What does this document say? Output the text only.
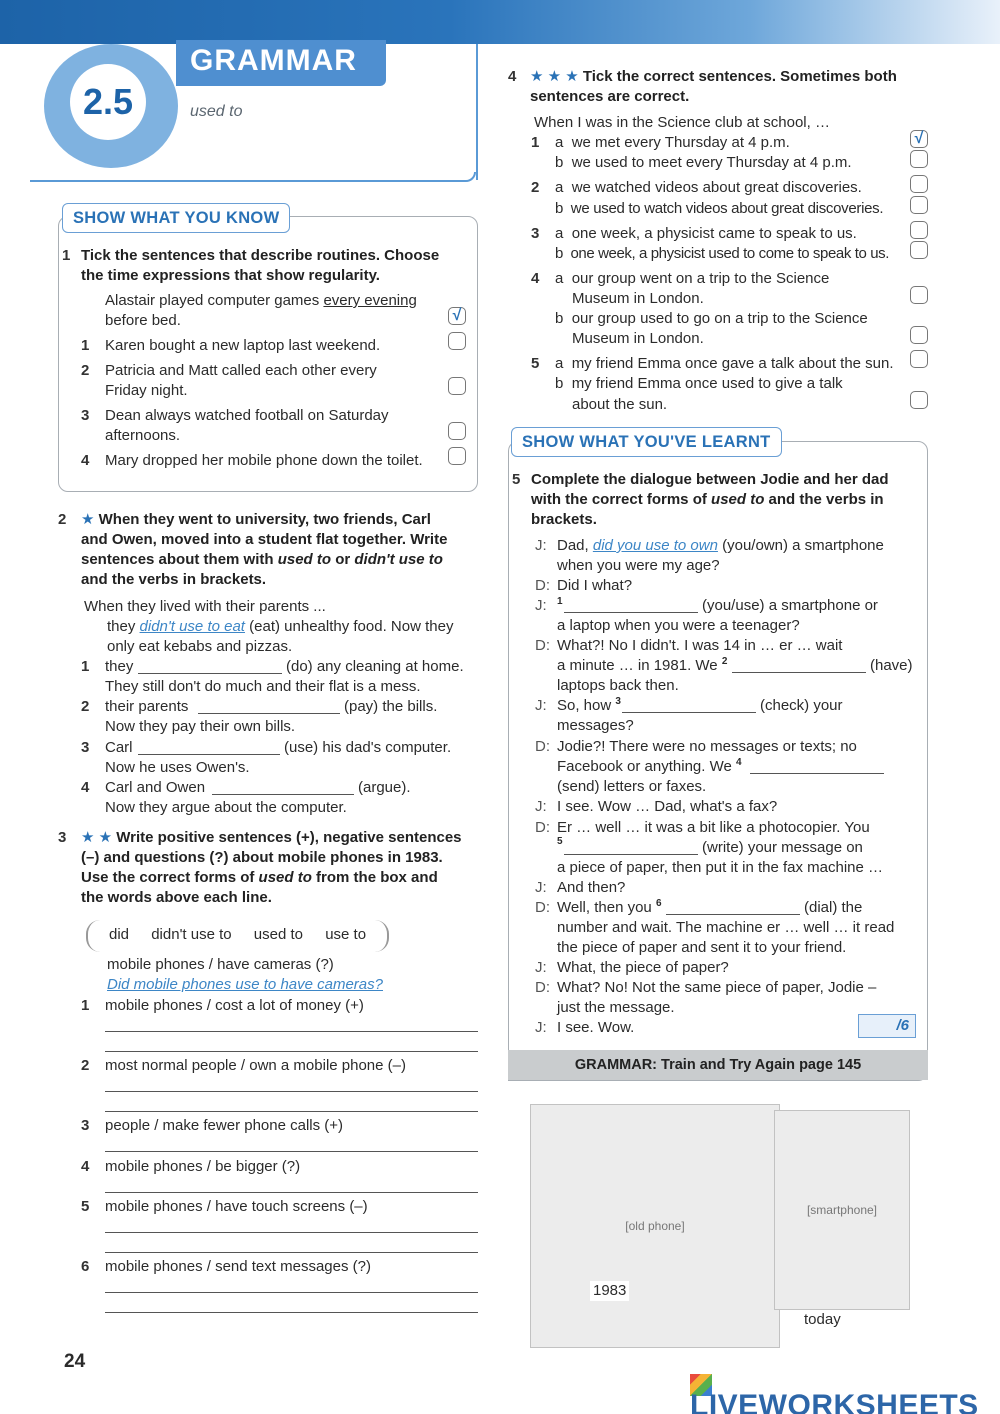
2.5
GRAMMAR
used to
SHOW WHAT YOU KNOW
1 Tick the sentences that describe routines. Choose
the time expressions that show regularity.
Alastair played computer games every evening
before bed.	√
1 Karen bought a new laptop last weekend.
2 Patricia and Matt called each other every
Friday night.
3 Dean always watched football on Saturday
afternoons.
4 Mary dropped her mobile phone down the toilet.
2 ★ When they went to university, two friends, Carl
and Owen, moved into a student flat together. Write
sentences about them with used to or didn't use to
and the verbs in brackets.
When they lived with their parents ...
they didn't use to eat (eat) unhealthy food. Now they
only eat kebabs and pizzas.
1 they	(do) any cleaning at home.
They still don't do much and their flat is a mess.
2 their parents	(pay) the bills.
Now they pay their own bills.
3 Carl	(use) his dad's computer.
Now he uses Owen's.
4 Carl and Owen	(argue).
Now they argue about the computer.
3 ★ ★ Write positive sentences (+), negative sentences
(–) and questions (?) about mobile phones in 1983.
Use the correct forms of used to from the box and
the words above each line.
did didn't use to used to use to
mobile phones / have cameras (?)
Did mobile phones use to have cameras?
1 mobile phones / cost a lot of money (+)
2 most normal people / own a mobile phone (–)
3 people / make fewer phone calls (+)
4 mobile phones / be bigger (?)
5 mobile phones / have touch screens (–)
6 mobile phones / send text messages (?)
4 ★ ★ ★ Tick the correct sentences. Sometimes both
sentences are correct.
When I was in the Science club at school, …
1 a  we met every Thursday at 4 p.m.	√
b  we used to meet every Thursday at 4 p.m.
2 a  we watched videos about great discoveries.
b  we used to watch videos about great discoveries.
3 a  one week, a physicist came to speak to us.
b  one week, a physicist used to come to speak to us.
4 a  our group went on a trip to the Science
Museum in London.
b  our group used to go on a trip to the Science
Museum in London.
5 a  my friend Emma once gave a talk about the sun.
b  my friend Emma once used to give a talk
about the sun.
SHOW WHAT YOU'VE LEARNT
5 Complete the dialogue between Jodie and her dad
with the correct forms of used to and the verbs in
brackets.
J: Dad, did you use to own (you/own) a smartphone
when you were my age?
D: Did I what?
J: $^1$	(you/use) a smartphone or
a laptop when you were a teenager?
D: What?! No I didn't. I was 14 in … er … wait
a minute … in 1981. We $^2$	(have)
laptops back then.
J: So, how $^3$	(check) your
messages?
D: Jodie?! There were no messages or texts; no
Facebook or anything. We $^4$
(send) letters or faxes.
J: I see. Wow … Dad, what's a fax?
D: Er … well … it was a bit like a photocopier. You
$^5$	(write) your message on
a piece of paper, then put it in the fax machine …
J: And then?
D: Well, then you $^6$	(dial) the
number and wait. The machine er … well … it read
the piece of paper and sent it to your friend.
J: What, the piece of paper?
D: What? No! Not the same piece of paper, Jodie –
just the message.
J: I see. Wow.	/6
GRAMMAR: Train and Try Again page 145
[old phone]
1983
[smartphone]
today
24
LIVEWORKSHEETS
